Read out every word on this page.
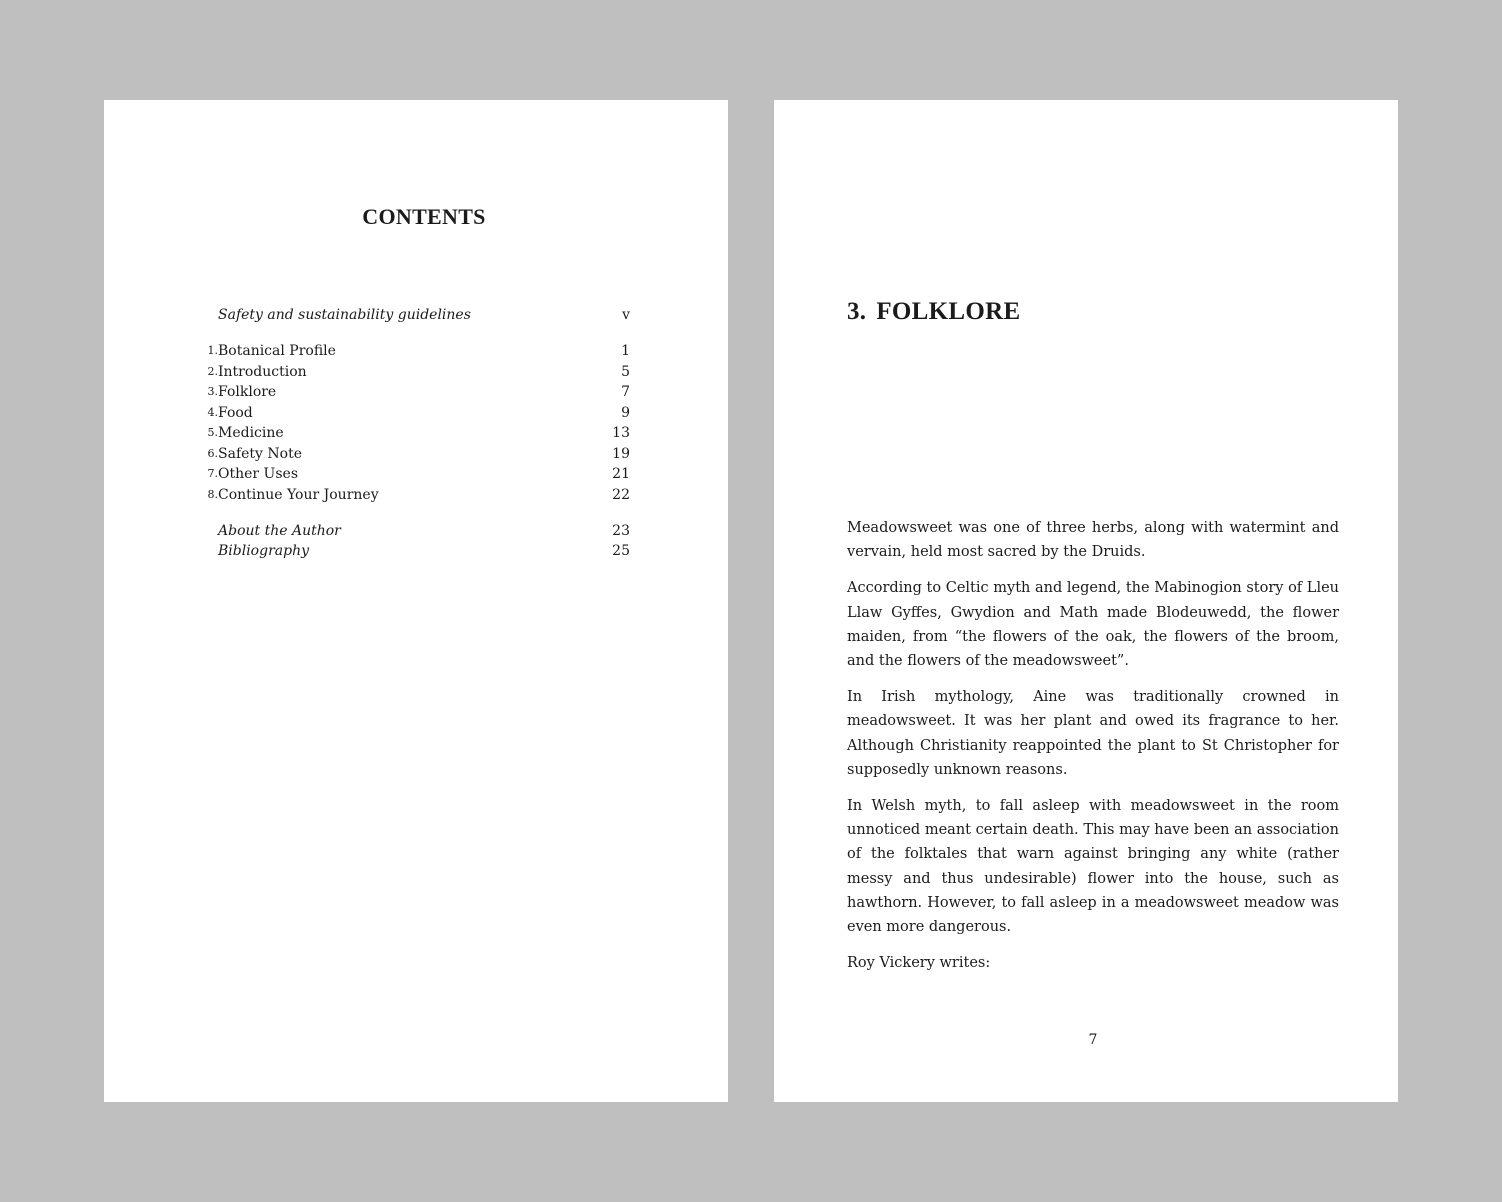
CONTENTS
Safety and sustainability guidelines	v
1. Botanical Profile	1
2. Introduction	5
3. Folklore	7
4. Food	9
5. Medicine	13
6. Safety Note	19
7. Other Uses	21
8. Continue Your Journey	22
About the Author	23
Bibliography	25
3. FOLKLORE

Meadowsweet was one of three herbs, along with watermint and vervain, held most sacred by the Druids.

According to Celtic myth and legend, the Mabinogion story of Lleu Llaw Gyffes, Gwydion and Math made Blodeuwedd, the flower maiden, from “the flowers of the oak, the flowers of the broom, and the flowers of the meadowsweet”.

In Irish mythology, Aine was traditionally crowned in meadowsweet. It was her plant and owed its fragrance to her. Although Christianity reappointed the plant to St Christopher for supposedly unknown reasons.

In Welsh myth, to fall asleep with meadowsweet in the room unnoticed meant certain death. This may have been an association of the folktales that warn against bringing any white (rather messy and thus undesirable) flower into the house, such as hawthorn. However, to fall asleep in a meadowsweet meadow was even more dangerous.

Roy Vickery writes:

7
